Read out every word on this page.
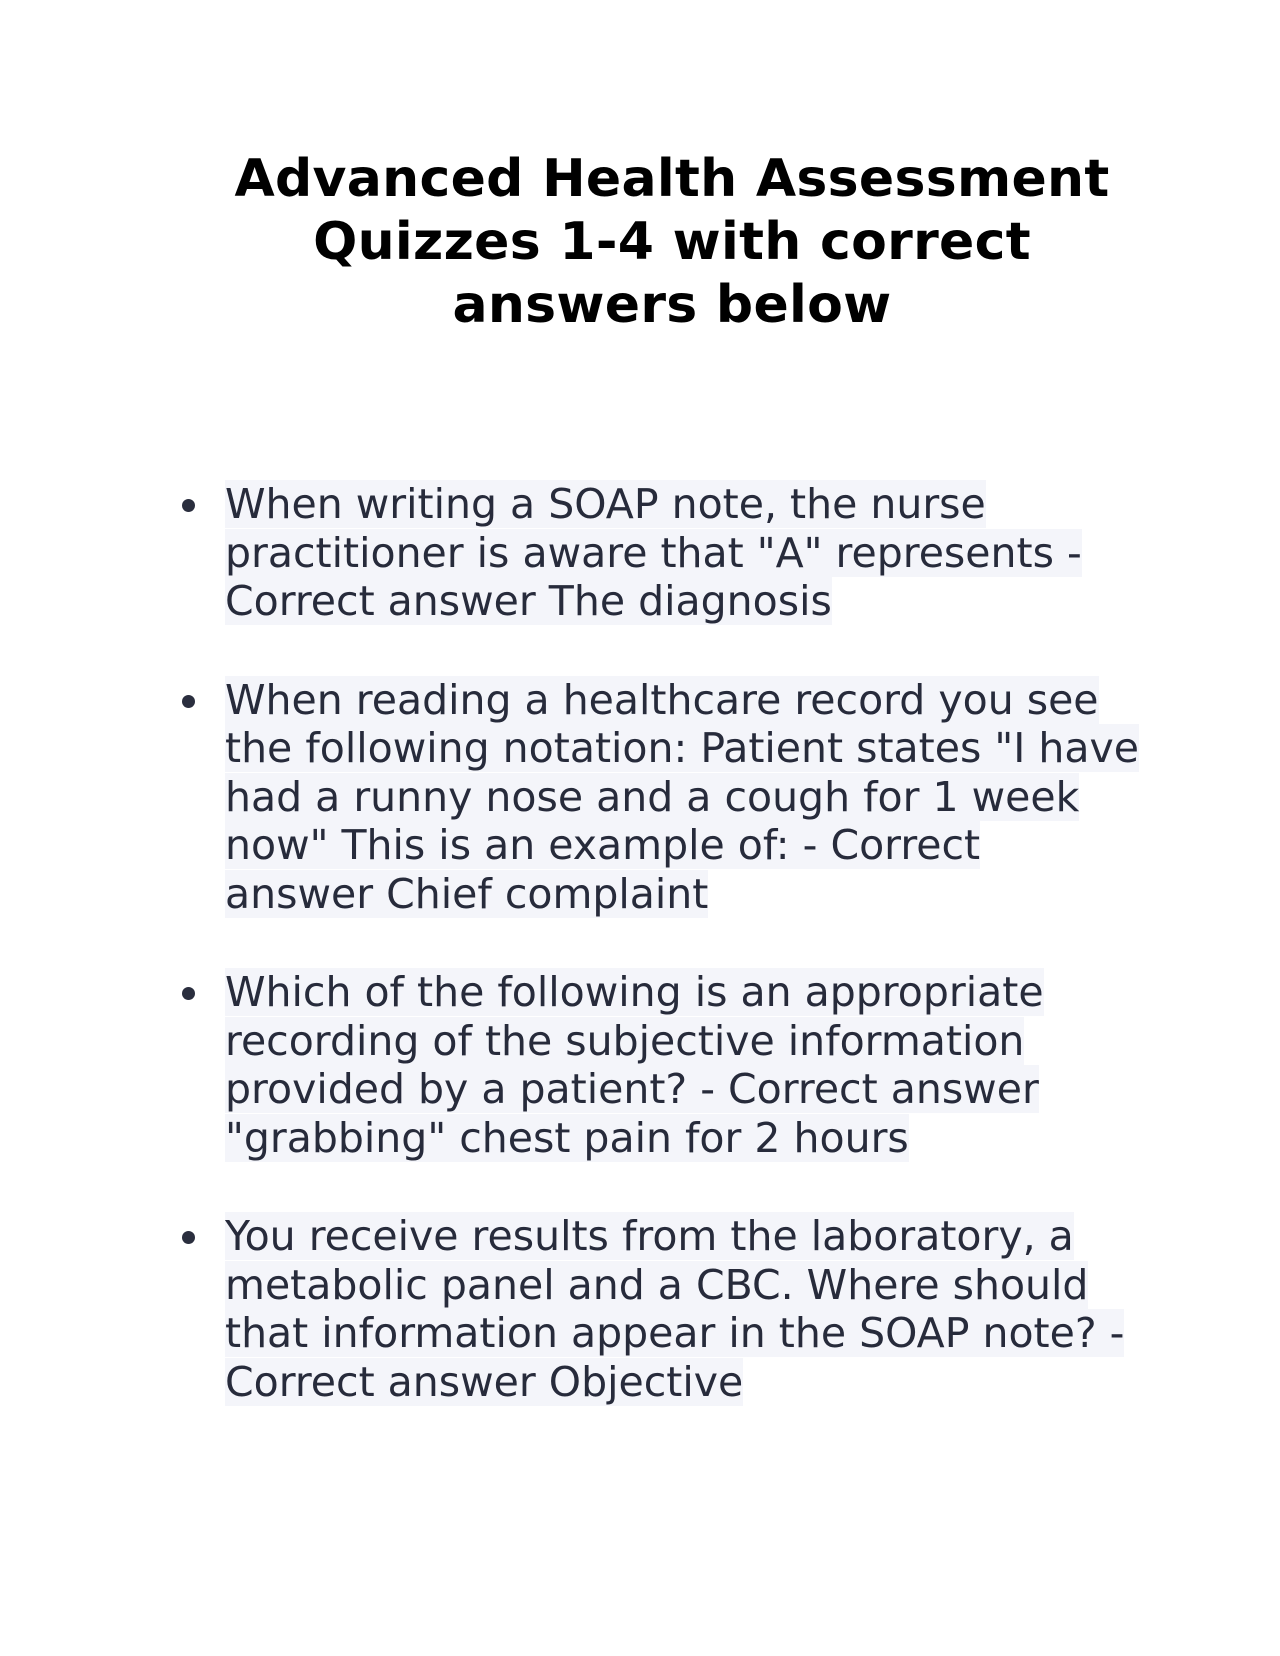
Advanced Health Assessment Quizzes 1-4 with correct answers below
When writing a SOAP note, the nurse practitioner is aware that "A" represents - Correct answer The diagnosis
When reading a healthcare record you see the following notation: Patient states "I have had a runny nose and a cough for 1 week now" This is an example of: - Correct answer Chief complaint
Which of the following is an appropriate recording of the subjective information provided by a patient? - Correct answer "grabbing" chest pain for 2 hours
You receive results from the laboratory, a metabolic panel and a CBC. Where should that information appear in the SOAP note? - Correct answer Objective
